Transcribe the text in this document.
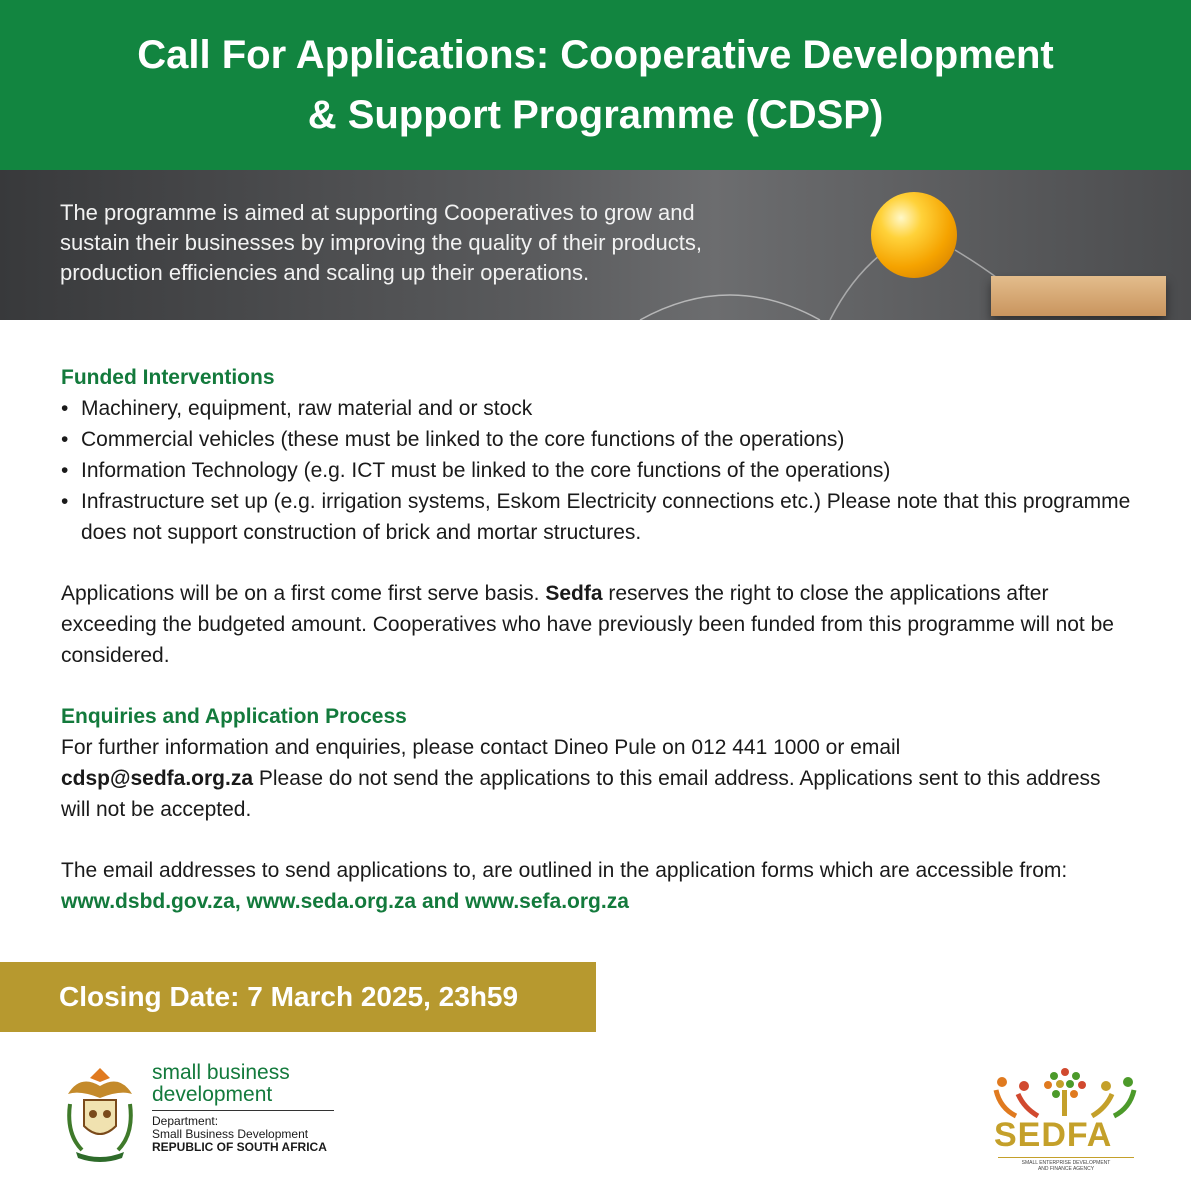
Call For Applications: Cooperative Development
& Support Programme (CDSP)
The programme is aimed at supporting Cooperatives to grow and
sustain their businesses by improving the quality of their products,
production efficiencies and scaling up their operations.
Funded Interventions
• Machinery, equipment, raw material and or stock
• Commercial vehicles (these must be linked to the core functions of the operations)
• Information Technology (e.g. ICT must be linked to the core functions of the operations)
• Infrastructure set up (e.g. irrigation systems, Eskom Electricity connections etc.) Please note that this programme does not support construction of brick and mortar structures.

Applications will be on a first come first serve basis. Sedfa reserves the right to close the applications after exceeding the budgeted amount. Cooperatives who have previously been funded from this programme will not be considered.

Enquiries and Application Process

For further information and enquiries, please contact Dineo Pule on 012 441 1000 or email
cdsp@sedfa.org.za Please do not send the applications to this email address. Applications sent to this address will not be accepted.

The email addresses to send applications to, are outlined in the application forms which are accessible from: www.dsbd.gov.za, www.seda.org.za and www.sefa.org.za

Closing Date: 7 March 2025, 23h59
small business
development
Department:
Small Business Development
REPUBLIC OF SOUTH AFRICA	SEDFA
SMALL ENTERPRISE DEVELOPMENT
AND FINANCE AGENCY
